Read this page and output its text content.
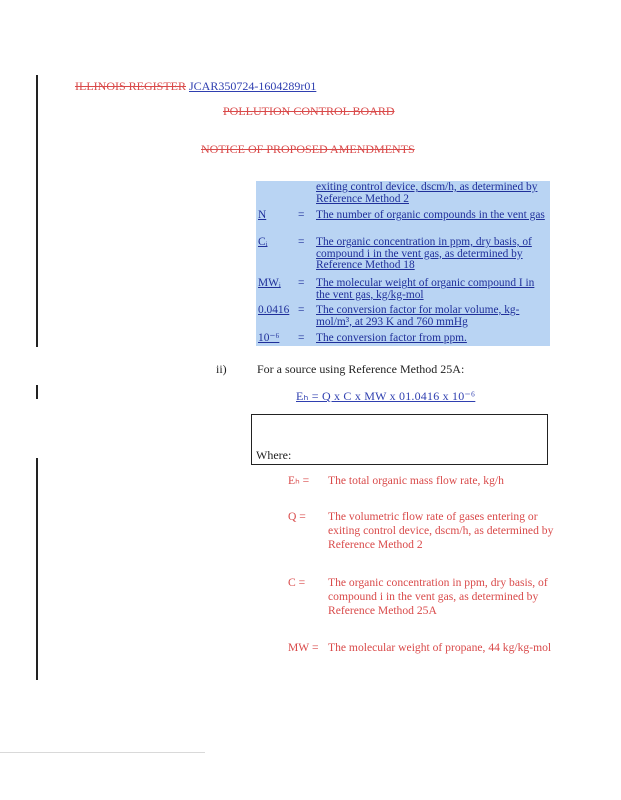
ILLINOIS REGISTER JCAR350724-1604289r01
POLLUTION CONTROL BOARD
NOTICE OF PROPOSED AMENDMENTS
exiting control device, dscm/h, as determined by Reference Method 2
N	= The number of organic compounds in the vent gas
Cᵢ	= The organic concentration in ppm, dry basis, of compound i in the vent gas, as determined by Reference Method 18
MWᵢ = The molecular weight of organic compound I in the vent gas, kg/kg-mol
0.0416 = The conversion factor for molar volume, kg-mol/m³, at 293 K and 760 mmHg
10⁻⁶ = The conversion factor from ppm.
ii)	For a source using Reference Method 25A:
Eₕ = Q x C x MW x 01.0416 x 10⁻⁶
Where:
Eₕ = The total organic mass flow rate, kg/h
Q = The volumetric flow rate of gases entering or exiting control device, dscm/h, as determined by Reference Method 2
C = The organic concentration in ppm, dry basis, of compound i in the vent gas, as determined by Reference Method 25A
MW = The molecular weight of propane, 44 kg/kg-mol
